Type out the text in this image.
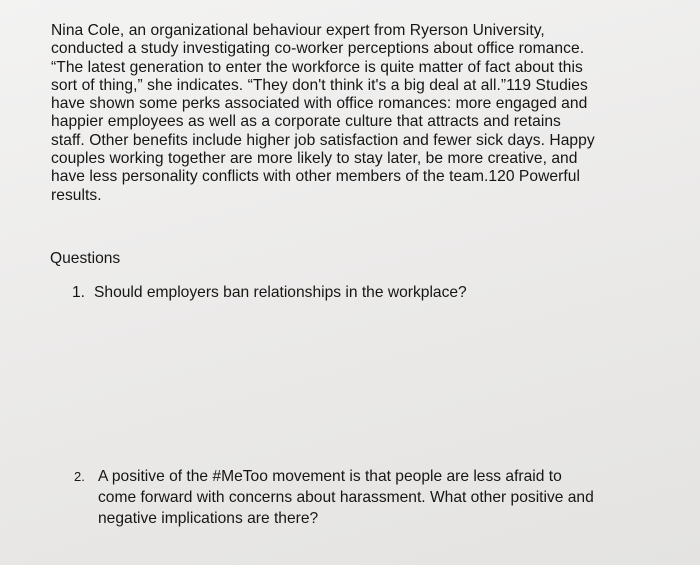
Nina Cole, an organizational behaviour expert from Ryerson University,
conducted a study investigating co-worker perceptions about office romance.
“The latest generation to enter the workforce is quite matter of fact about this
sort of thing,” she indicates. “They don't think it's a big deal at all.”119 Studies
have shown some perks associated with office romances: more engaged and
happier employees as well as a corporate culture that attracts and retains
staff. Other benefits include higher job satisfaction and fewer sick days. Happy
couples working together are more likely to stay later, be more creative, and
have less personality conflicts with other members of the team.120 Powerful
results.
Questions
1. Should employers ban relationships in the workplace?
2. A positive of the #MeToo movement is that people are less afraid to
come forward with concerns about harassment. What other positive and
negative implications are there?
